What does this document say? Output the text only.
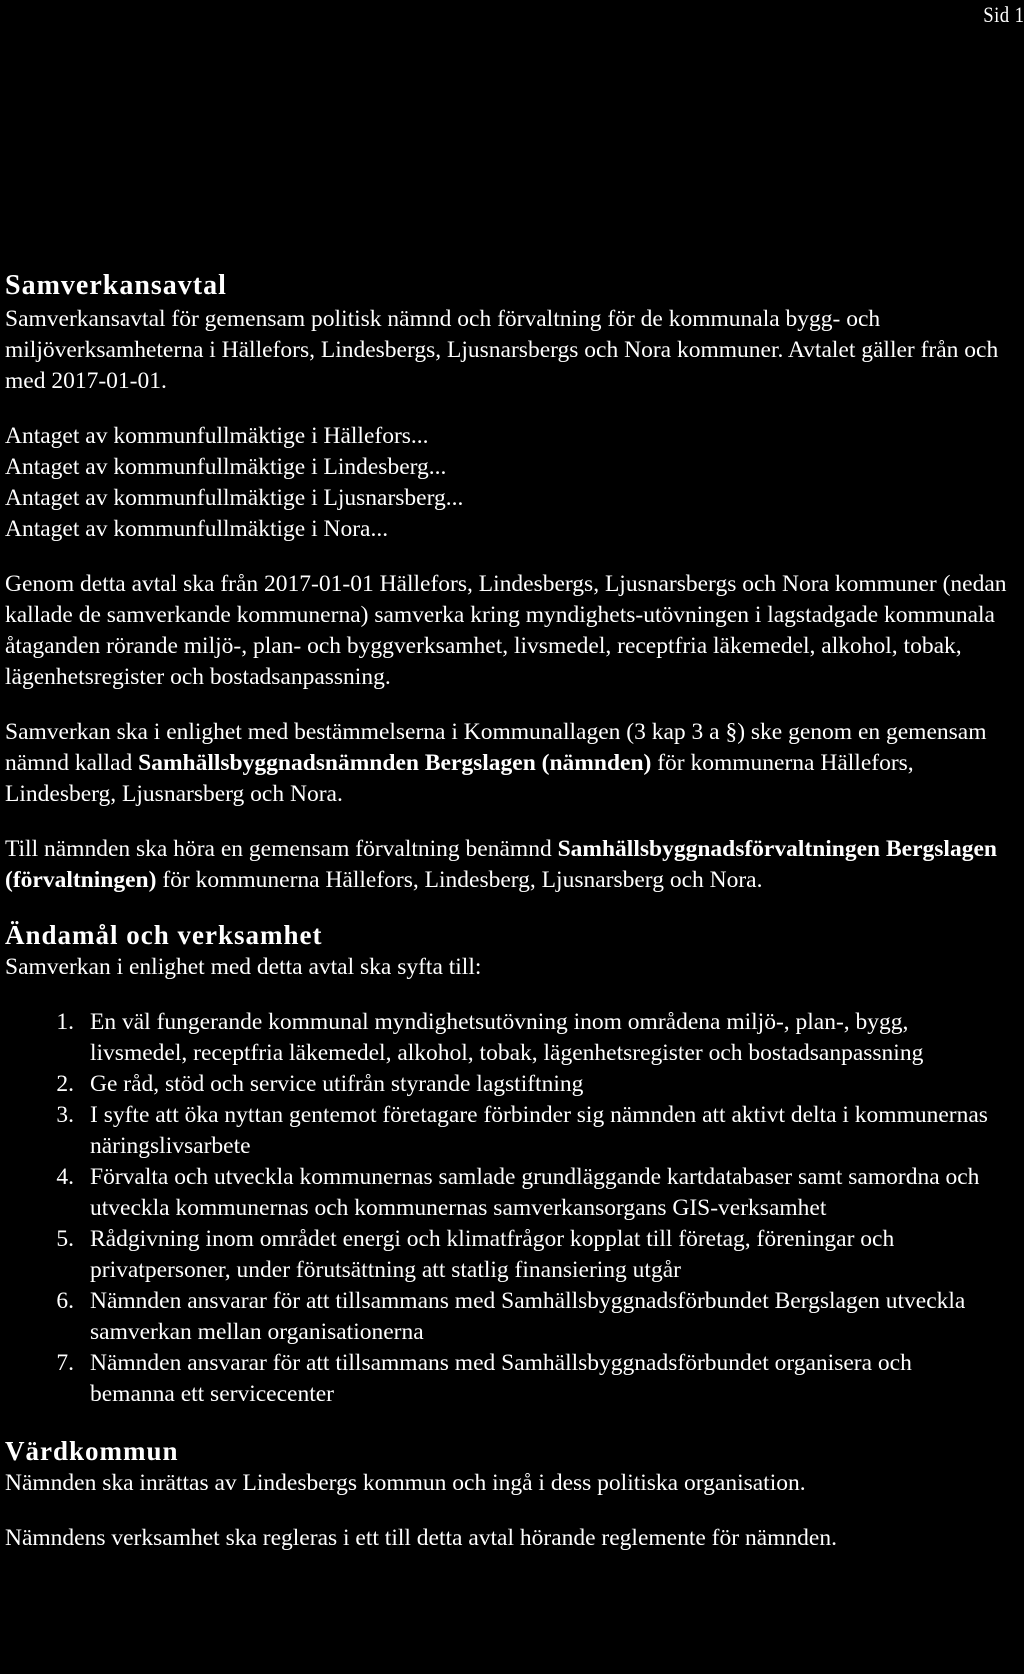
Sid 1
Samverkansavtal

Samverkansavtal för gemensam politisk nämnd och förvaltning för de kommunala bygg- och miljöverksamheterna i Hällefors, Lindesbergs, Ljusnarsbergs och Nora kommuner. Avtalet gäller från och med 2017-01-01.

Antaget av kommunfullmäktige i Hällefors...

Antaget av kommunfullmäktige i Lindesberg...

Antaget av kommunfullmäktige i Ljusnarsberg...

Antaget av kommunfullmäktige i Nora...

Genom detta avtal ska från 2017-01-01 Hällefors, Lindesbergs, Ljusnarsbergs och Nora kommuner (nedan kallade de samverkande kommunerna) samverka kring myndighets-utövningen i lagstadgade kommunala åtaganden rörande miljö-, plan- och byggverksamhet, livsmedel, receptfria läkemedel, alkohol, tobak, lägenhetsregister och bostadsanpassning.

Samverkan ska i enlighet med bestämmelserna i Kommunallagen (3 kap 3 a §) ske genom en gemensam nämnd kallad Samhällsbyggnadsnämnden Bergslagen (nämnden) för kommunerna Hällefors, Lindesberg, Ljusnarsberg och Nora.

Till nämnden ska höra en gemensam förvaltning benämnd Samhällsbyggnadsförvaltningen Bergslagen (förvaltningen) för kommunerna Hällefors, Lindesberg, Ljusnarsberg och Nora.

Ändamål och verksamhet

Samverkan i enlighet med detta avtal ska syfta till:

1. En väl fungerande kommunal myndighetsutövning inom områdena miljö-, plan-, bygg, livsmedel, receptfria läkemedel, alkohol, tobak, lägenhetsregister och bostadsanpassning
2. Ge råd, stöd och service utifrån styrande lagstiftning
3. I syfte att öka nyttan gentemot företagare förbinder sig nämnden att aktivt delta i kommunernas näringslivsarbete
4. Förvalta och utveckla kommunernas samlade grundläggande kartdatabaser samt samordna och utveckla kommunernas och kommunernas samverkansorgans GIS-verksamhet
5. Rådgivning inom området energi och klimatfrågor kopplat till företag, föreningar och privatpersoner, under förutsättning att statlig finansiering utgår
6. Nämnden ansvarar för att tillsammans med Samhällsbyggnadsförbundet Bergslagen utveckla samverkan mellan organisationerna
7. Nämnden ansvarar för att tillsammans med Samhällsbyggnadsförbundet organisera och bemanna ett servicecenter
Värdkommun

Nämnden ska inrättas av Lindesbergs kommun och ingå i dess politiska organisation.

Nämndens verksamhet ska regleras i ett till detta avtal hörande reglemente för nämnden.
